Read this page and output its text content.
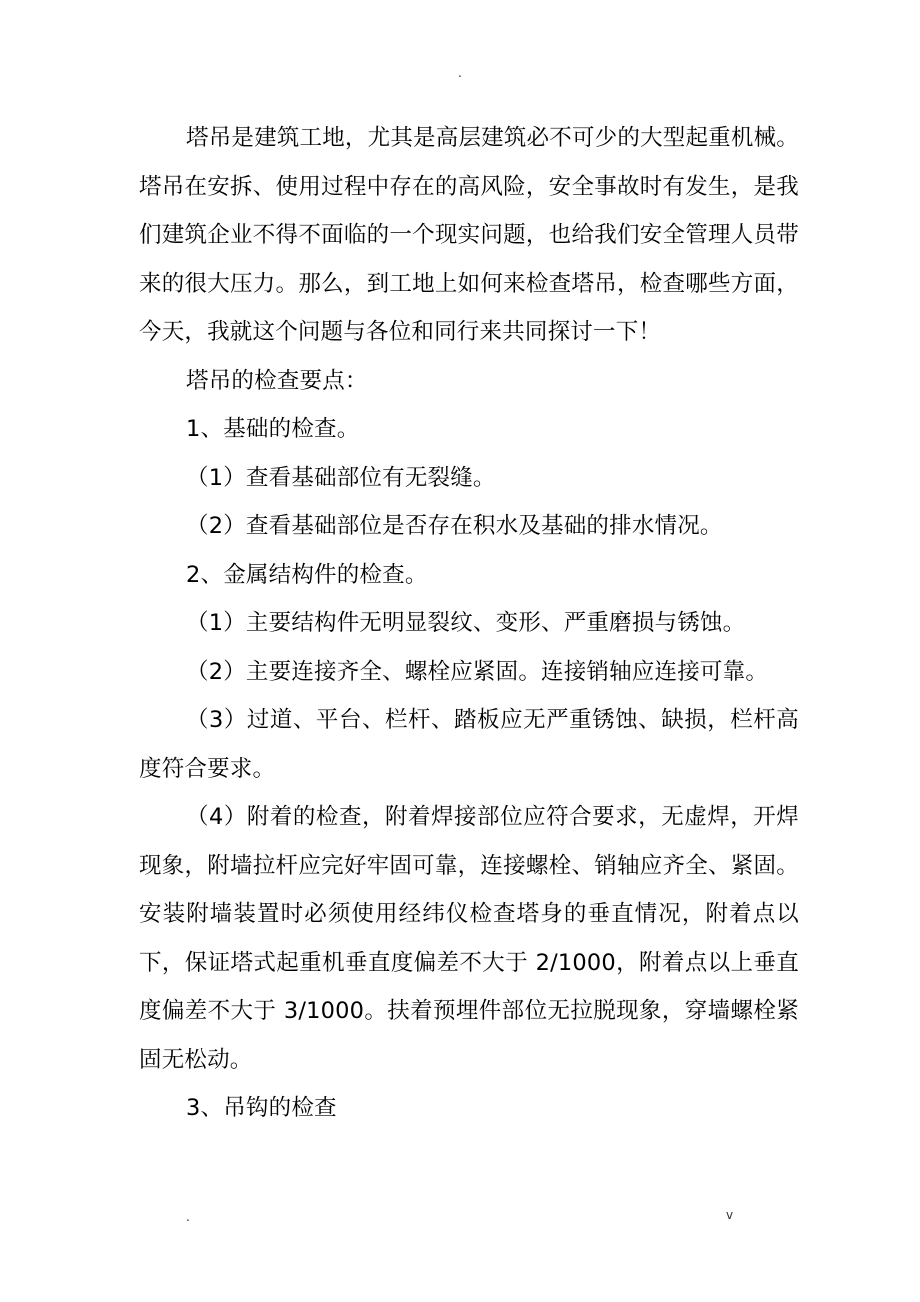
.

塔吊是建筑工地，尤其是高层建筑必不可少的大型起重机械。塔吊在安拆、使用过程中存在的高风险，安全事故时有发生，是我们建筑企业不得不面临的一个现实问题，也给我们安全管理人员带来的很大压力。那么，到工地上如何来检查塔吊，检查哪些方面，今天，我就这个问题与各位和同行来共同探讨一下！

塔吊的检查要点：

1、基础的检查。

（1）查看基础部位有无裂缝。

（2）查看基础部位是否存在积水及基础的排水情况。

2、金属结构件的检查。

（1）主要结构件无明显裂纹、变形、严重磨损与锈蚀。

（2）主要连接齐全、螺栓应紧固。连接销轴应连接可靠。

（3）过道、平台、栏杆、踏板应无严重锈蚀、缺损，栏杆高度符合要求。

（4）附着的检查，附着焊接部位应符合要求，无虚焊，开焊现象，附墙拉杆应完好牢固可靠，连接螺栓、销轴应齐全、紧固。安装附墙装置时必须使用经纬仪检查塔身的垂直情况，附着点以下，保证塔式起重机垂直度偏差不大于 2/1000，附着点以上垂直度偏差不大于 3/1000。扶着预埋件部位无拉脱现象，穿墙螺栓紧固无松动。

3、吊钩的检查

.	v
